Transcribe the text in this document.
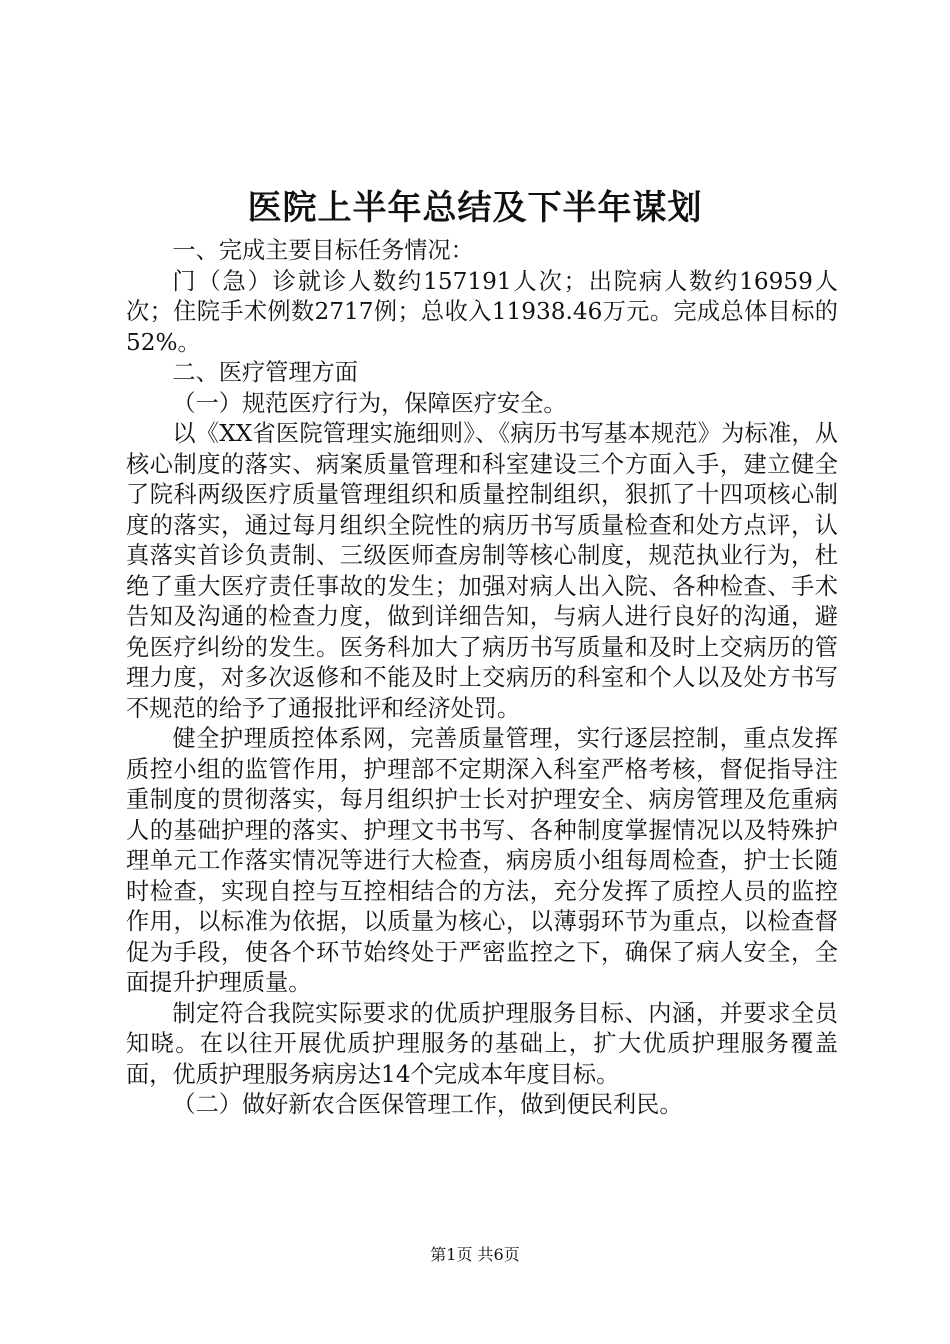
医院上半年总结及下半年谋划

一、完成主要目标任务情况：

门（急）诊就诊人数约157191人次；出院病人数约16959人次；住院手术例数2717例；总收入11938.46万元。完成总体目标的52%。

二、医疗管理方面

（一）规范医疗行为，保障医疗安全。

以《XX省医院管理实施细则》、《病历书写基本规范》为标准，从核心制度的落实、病案质量管理和科室建设三个方面入手，建立健全了院科两级医疗质量管理组织和质量控制组织，狠抓了十四项核心制度的落实，通过每月组织全院性的病历书写质量检查和处方点评，认真落实首诊负责制、三级医师查房制等核心制度，规范执业行为，杜绝了重大医疗责任事故的发生；加强对病人出入院、各种检查、手术告知及沟通的检查力度，做到详细告知，与病人进行良好的沟通，避免医疗纠纷的发生。医务科加大了病历书写质量和及时上交病历的管理力度，对多次返修和不能及时上交病历的科室和个人以及处方书写不规范的给予了通报批评和经济处罚。

健全护理质控体系网，完善质量管理，实行逐层控制，重点发挥质控小组的监管作用，护理部不定期深入科室严格考核，督促指导注重制度的贯彻落实，每月组织护士长对护理安全、病房管理及危重病人的基础护理的落实、护理文书书写、各种制度掌握情况以及特殊护理单元工作落实情况等进行大检查，病房质小组每周检查，护士长随时检查，实现自控与互控相结合的方法，充分发挥了质控人员的监控作用，以标准为依据，以质量为核心，以薄弱环节为重点，以检查督促为手段，使各个环节始终处于严密监控之下，确保了病人安全，全面提升护理质量。

制定符合我院实际要求的优质护理服务目标、内涵，并要求全员知晓。在以往开展优质护理服务的基础上，扩大优质护理服务覆盖面，优质护理服务病房达14个完成本年度目标。

（二）做好新农合医保管理工作，做到便民利民。

第1页 共6页
